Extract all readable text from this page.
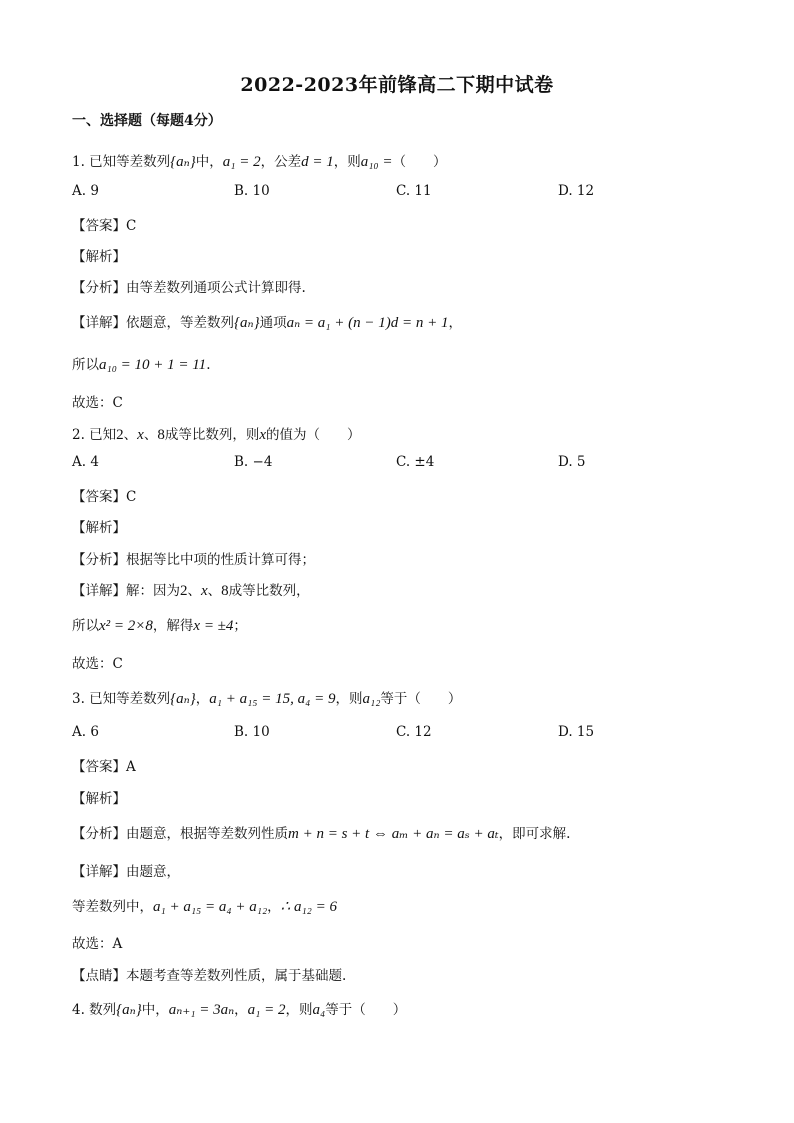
2022-2023年前锋高二下期中试卷
一、选择题（每题4分）
1. 已知等差数列{aₙ}中，a₁ = 2，公差d = 1，则a₁₀ =（　　）
A. 9	B. 10	C. 11	D. 12
【答案】C
【解析】
【分析】由等差数列通项公式计算即得.
【详解】依题意，等差数列{aₙ}通项aₙ = a₁ + (n − 1)d = n + 1，
所以a₁₀ = 10 + 1 = 11.
故选：C
2. 已知2、x、8成等比数列，则x的值为（　　）
A. 4	B. −4	C. ±4	D. 5
【答案】C
【解析】
【分析】根据等比中项的性质计算可得；
【详解】解：因为2、x、8成等比数列，
所以x² = 2×8，解得x = ±4；
故选：C
3. 已知等差数列{aₙ}，a₁ + a₁₅ = 15, a₄ = 9，则a₁₂等于（　　）
A. 6	B. 10	C. 12	D. 15
【答案】A
【解析】
【分析】由题意，根据等差数列性质m + n = s + t ⇔ aₘ + aₙ = aₛ + aₜ，即可求解.
【详解】由题意，
等差数列中，a₁ + a₁₅ = a₄ + a₁₂，∴ a₁₂ = 6
故选：A
【点睛】本题考查等差数列性质，属于基础题.
4. 数列{aₙ}中，aₙ₊₁ = 3aₙ，a₁ = 2，则a₄等于（　　）
